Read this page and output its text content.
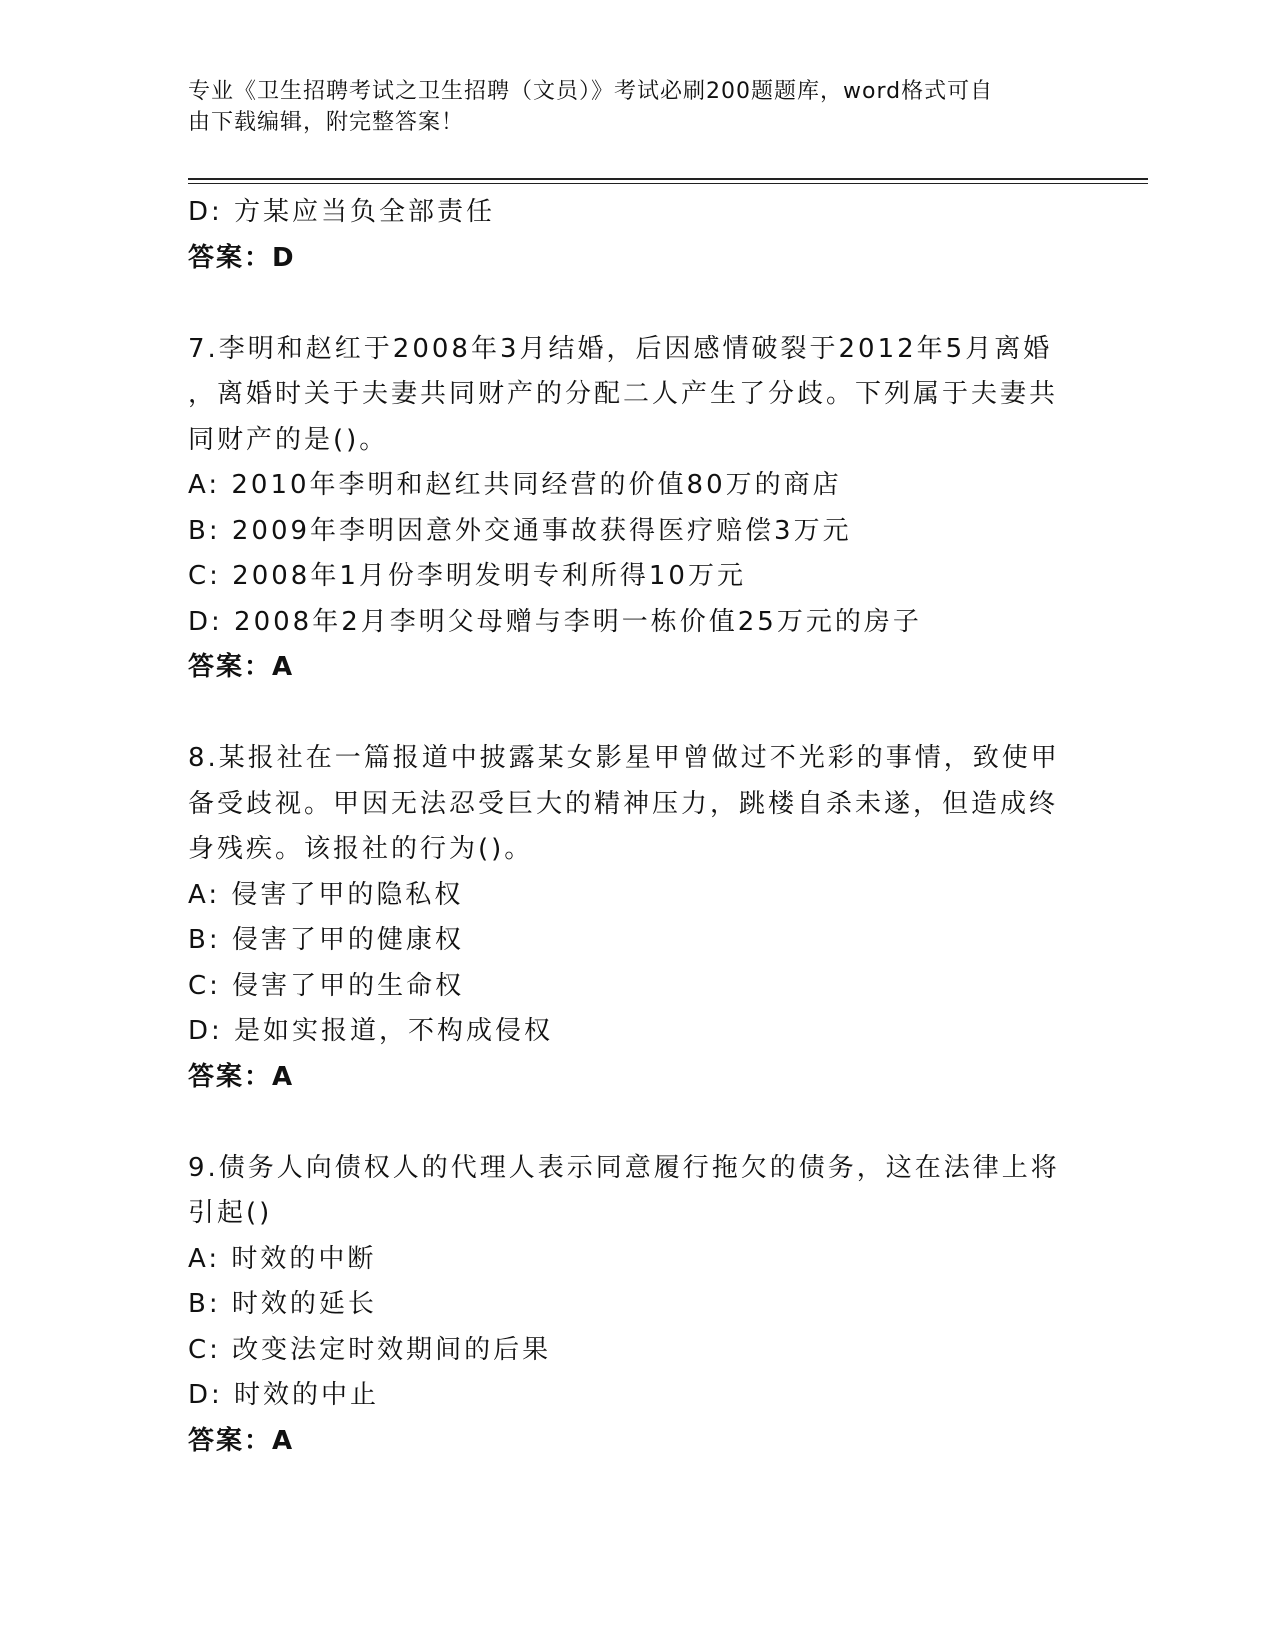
专业《卫生招聘考试之卫生招聘（文员）》考试必刷200题题库，word格式可自
由下载编辑，附完整答案！
D: 方某应当负全部责任
答案：D
7.李明和赵红于2008年3月结婚，后因感情破裂于2012年5月离婚
，离婚时关于夫妻共同财产的分配二人产生了分歧。下列属于夫妻共
同财产的是()。
A: 2010年李明和赵红共同经营的价值80万的商店
B: 2009年李明因意外交通事故获得医疗赔偿3万元
C: 2008年1月份李明发明专利所得10万元
D: 2008年2月李明父母赠与李明一栋价值25万元的房子
答案：A
8.某报社在一篇报道中披露某女影星甲曾做过不光彩的事情，致使甲
备受歧视。甲因无法忍受巨大的精神压力，跳楼自杀未遂，但造成终
身残疾。该报社的行为()。
A: 侵害了甲的隐私权
B: 侵害了甲的健康权
C: 侵害了甲的生命权
D: 是如实报道，不构成侵权
答案：A
9.债务人向债权人的代理人表示同意履行拖欠的债务，这在法律上将
引起()
A: 时效的中断
B: 时效的延长
C: 改变法定时效期间的后果
D: 时效的中止
答案：A
